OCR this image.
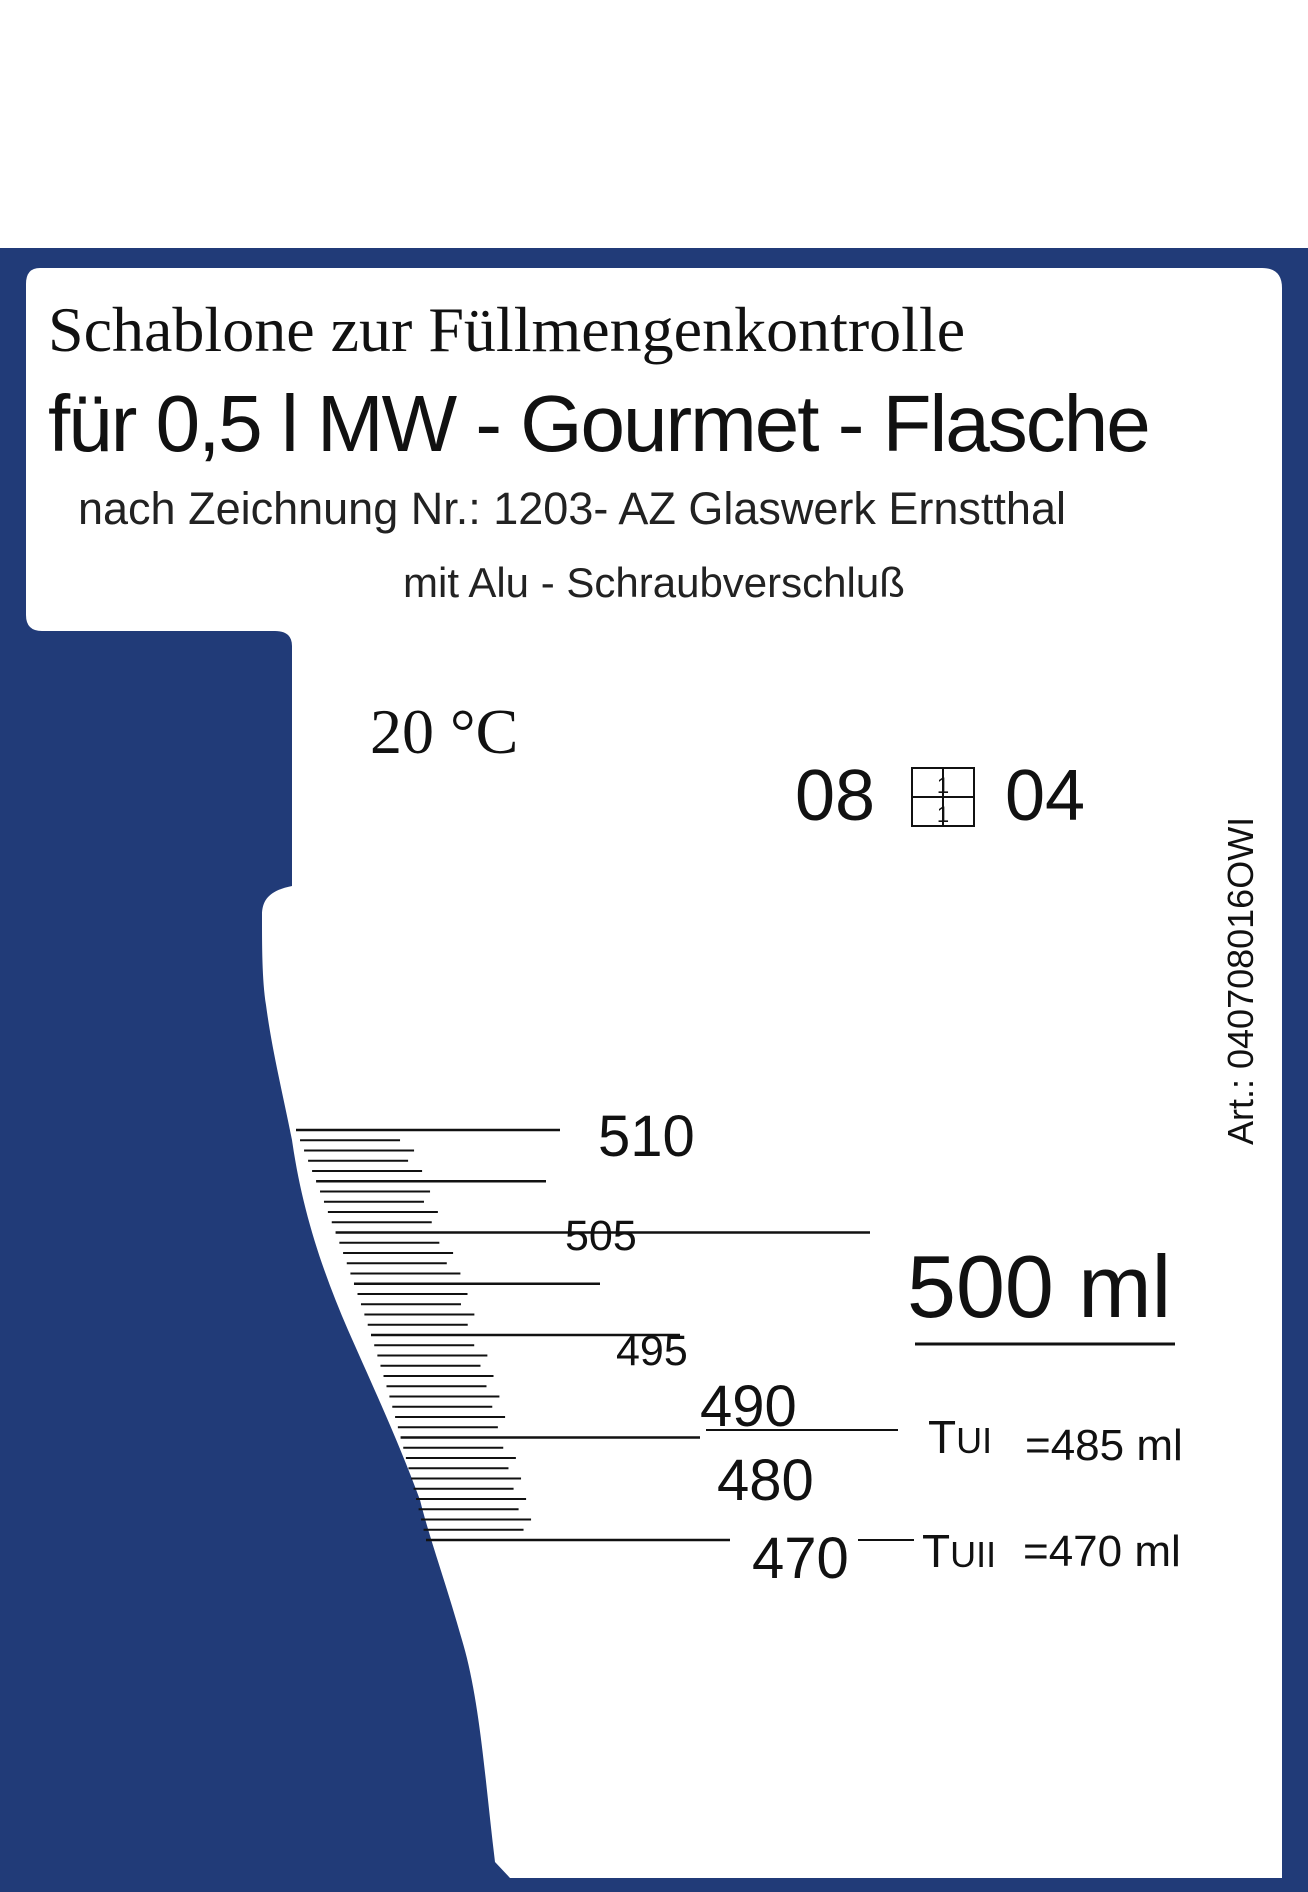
1
1
Schablone zur Füllmengenkontrolle
für 0,5 l MW - Gourmet - Flasche
nach Zeichnung Nr.: 1203- AZ Glaswerk Ernstthal
mit Alu - Schraubverschluß
20 °C
08 04
Art.: 040708016OWI
510
505
500 ml
495
490
480
470
TUI =485 ml
TUII =470 ml
